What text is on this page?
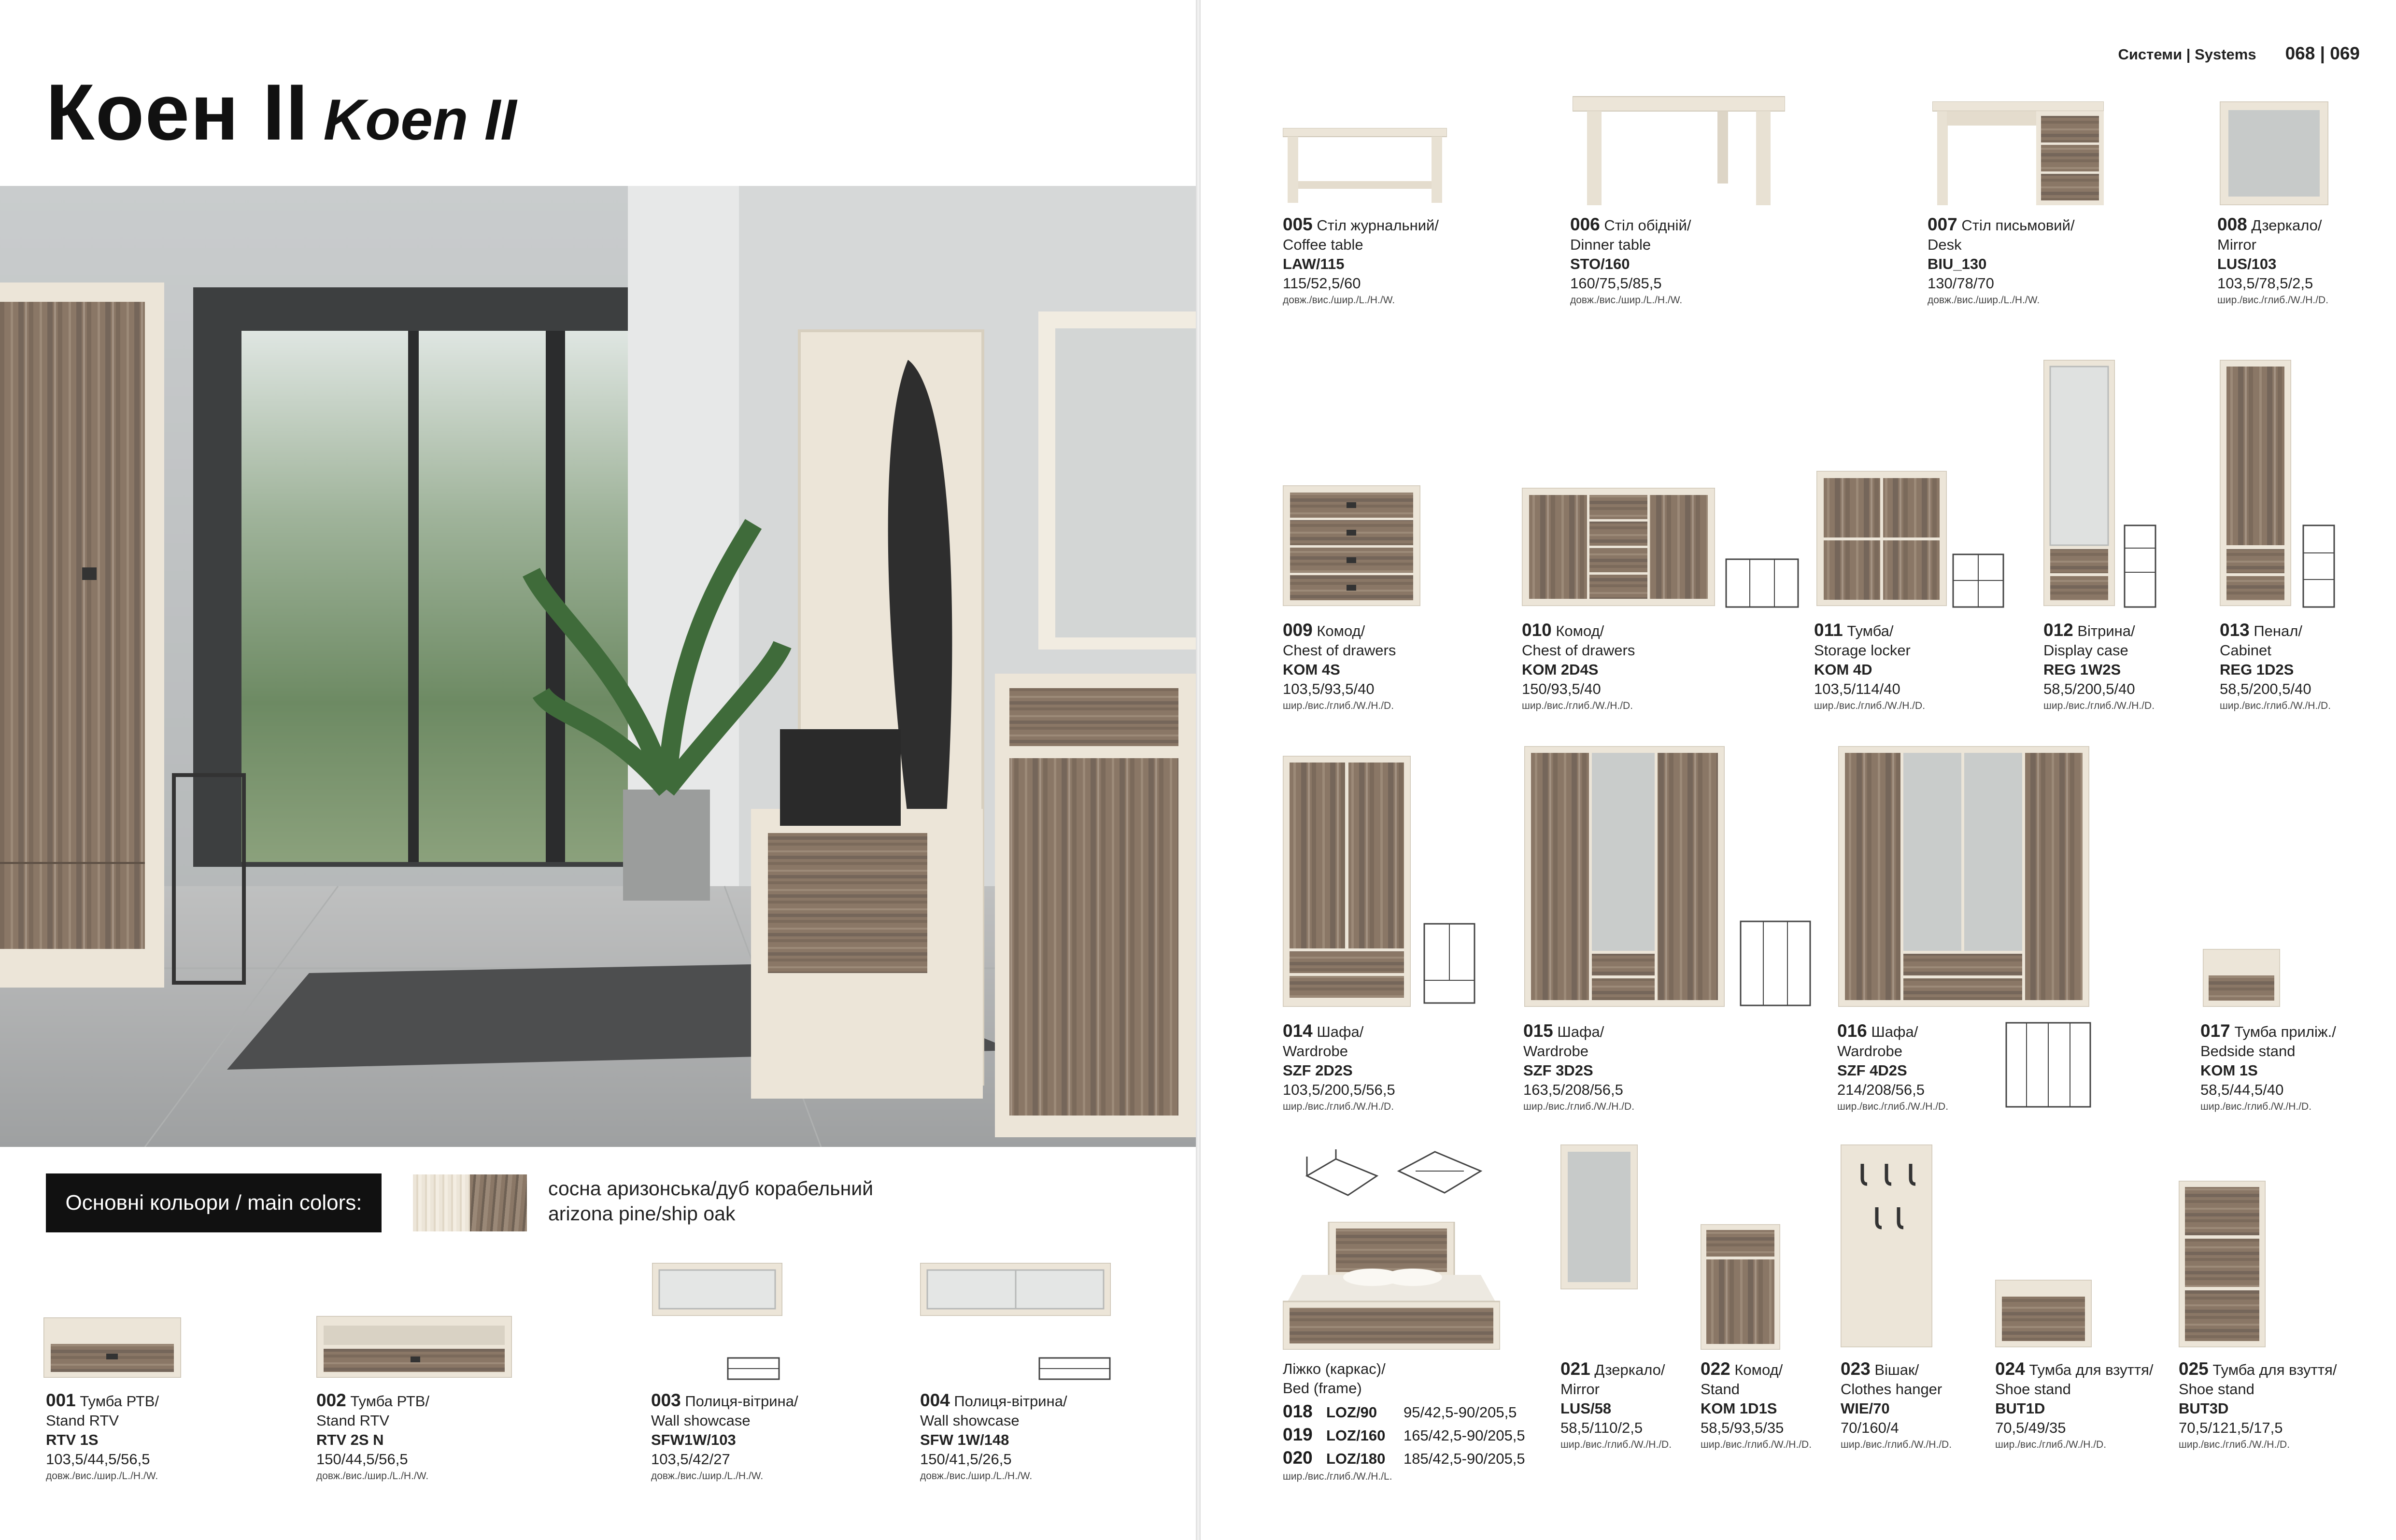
Коен II Koen II
Основні кольори / main colors:
сосна аризонська/дуб корабельний
arizona pine/ship oak
001 Тумба РТВ/
Stand RTV
RTV 1S
103,5/44,5/56,5
довж./вис./шир./L./H./W.
002 Тумба РТВ/
Stand RTV
RTV 2S N
150/44,5/56,5
довж./вис./шир./L./H./W.
003 Полиця-вітрина/
Wall showcase
SFW1W/103
103,5/42/27
довж./вис./шир./L./H./W.
004 Полиця-вітрина/
Wall showcase
SFW 1W/148
150/41,5/26,5
довж./вис./шир./L./H./W.
Системи | Systems 068 | 069
005 Стіл журнальний/
Coffee table
LAW/115
115/52,5/60
довж./вис./шир./L./H./W.
006 Стіл обідній/
Dinner table
STO/160
160/75,5/85,5
довж./вис./шир./L./H./W.
007 Стіл письмовий/
Desk
BIU_130
130/78/70
довж./вис./шир./L./H./W.
008 Дзеркало/
Mirror
LUS/103
103,5/78,5/2,5
шир./вис./глиб./W./H./D.
009 Комод/
Chest of drawers
KOM 4S
103,5/93,5/40
шир./вис./глиб./W./H./D.
010 Комод/
Chest of drawers
KOM 2D4S
150/93,5/40
шир./вис./глиб./W./H./D.
011 Тумба/
Storage locker
KOM 4D
103,5/114/40
шир./вис./глиб./W./H./D.
012 Вітрина/
Display case
REG 1W2S
58,5/200,5/40
шир./вис./глиб./W./H./D.
013 Пенал/
Cabinet
REG 1D2S
58,5/200,5/40
шир./вис./глиб./W./H./D.
014 Шафа/
Wardrobe
SZF 2D2S
103,5/200,5/56,5
шир./вис./глиб./W./H./D.
015 Шафа/
Wardrobe
SZF 3D2S
163,5/208/56,5
шир./вис./глиб./W./H./D.
016 Шафа/
Wardrobe
SZF 4D2S
214/208/56,5
шир./вис./глиб./W./H./D.
017 Тумба приліж./
Bedside stand
KOM 1S
58,5/44,5/40
шир./вис./глиб./W./H./D.
Ліжко (каркас)/
Bed (frame)
018 LOZ/90 95/42,5-90/205,5
019 LOZ/160 165/42,5-90/205,5
020 LOZ/180 185/42,5-90/205,5
шир./вис./глиб./W./H./L.
021 Дзеркало/
Mirror
LUS/58
58,5/110/2,5
шир./вис./глиб./W./H./D.
022 Комод/
Stand
KOM 1D1S
58,5/93,5/35
шир./вис./глиб./W./H./D.
023 Вішак/
Clothes hanger
WIE/70
70/160/4
шир./вис./глиб./W./H./D.
024 Тумба для взуття/
Shoe stand
BUT1D
70,5/49/35
шир./вис./глиб./W./H./D.
025 Тумба для взуття/
Shoe stand
BUT3D
70,5/121,5/17,5
шир./вис./глиб./W./H./D.
